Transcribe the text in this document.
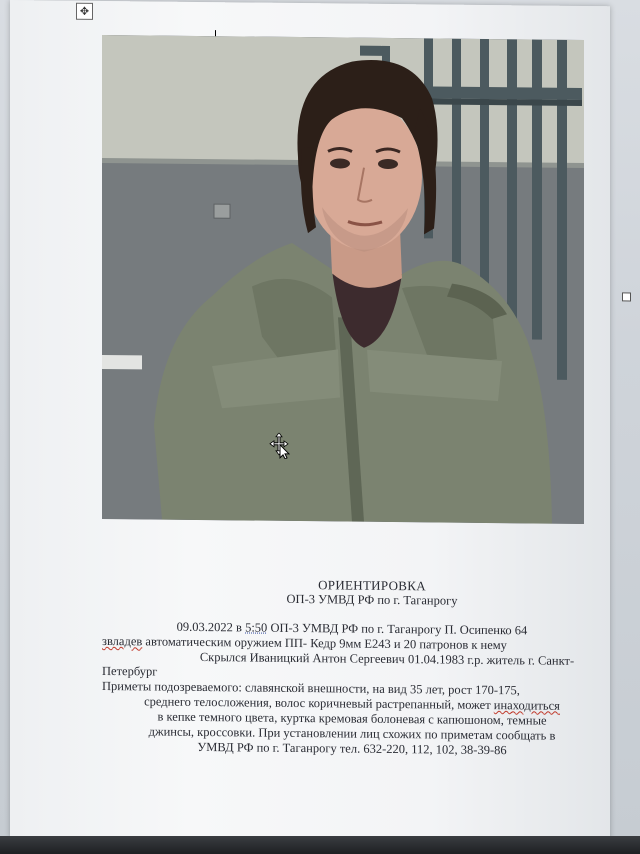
✥
ОРИЕНТИРОВКА
ОП-3 УМВД РФ по г. Таганрогу

09.03.2022 в 5:50 ОП-3 УМВД РФ по г. Таганрогу П. Осипенко 64

звладев автоматическим оружием ПП- Кедр 9мм Е243 и 20 патронов к нему

Скрылся Иваницкий Антон Сергеевич 01.04.1983 г.р. житель г. Санкт-

Петербург

Приметы подозреваемого: славянской внешности, на вид 35 лет, рост 170-175,

среднего телосложения, волос коричневый растрепанный, может инаходиться

в кепке темного цвета, куртка кремовая болоневая с капюшоном, темные

джинсы, кроссовки. При установлении лиц схожих по приметам сообщать в

УМВД РФ по г. Таганрогу тел. 632-220, 112, 102, 38-39-86
